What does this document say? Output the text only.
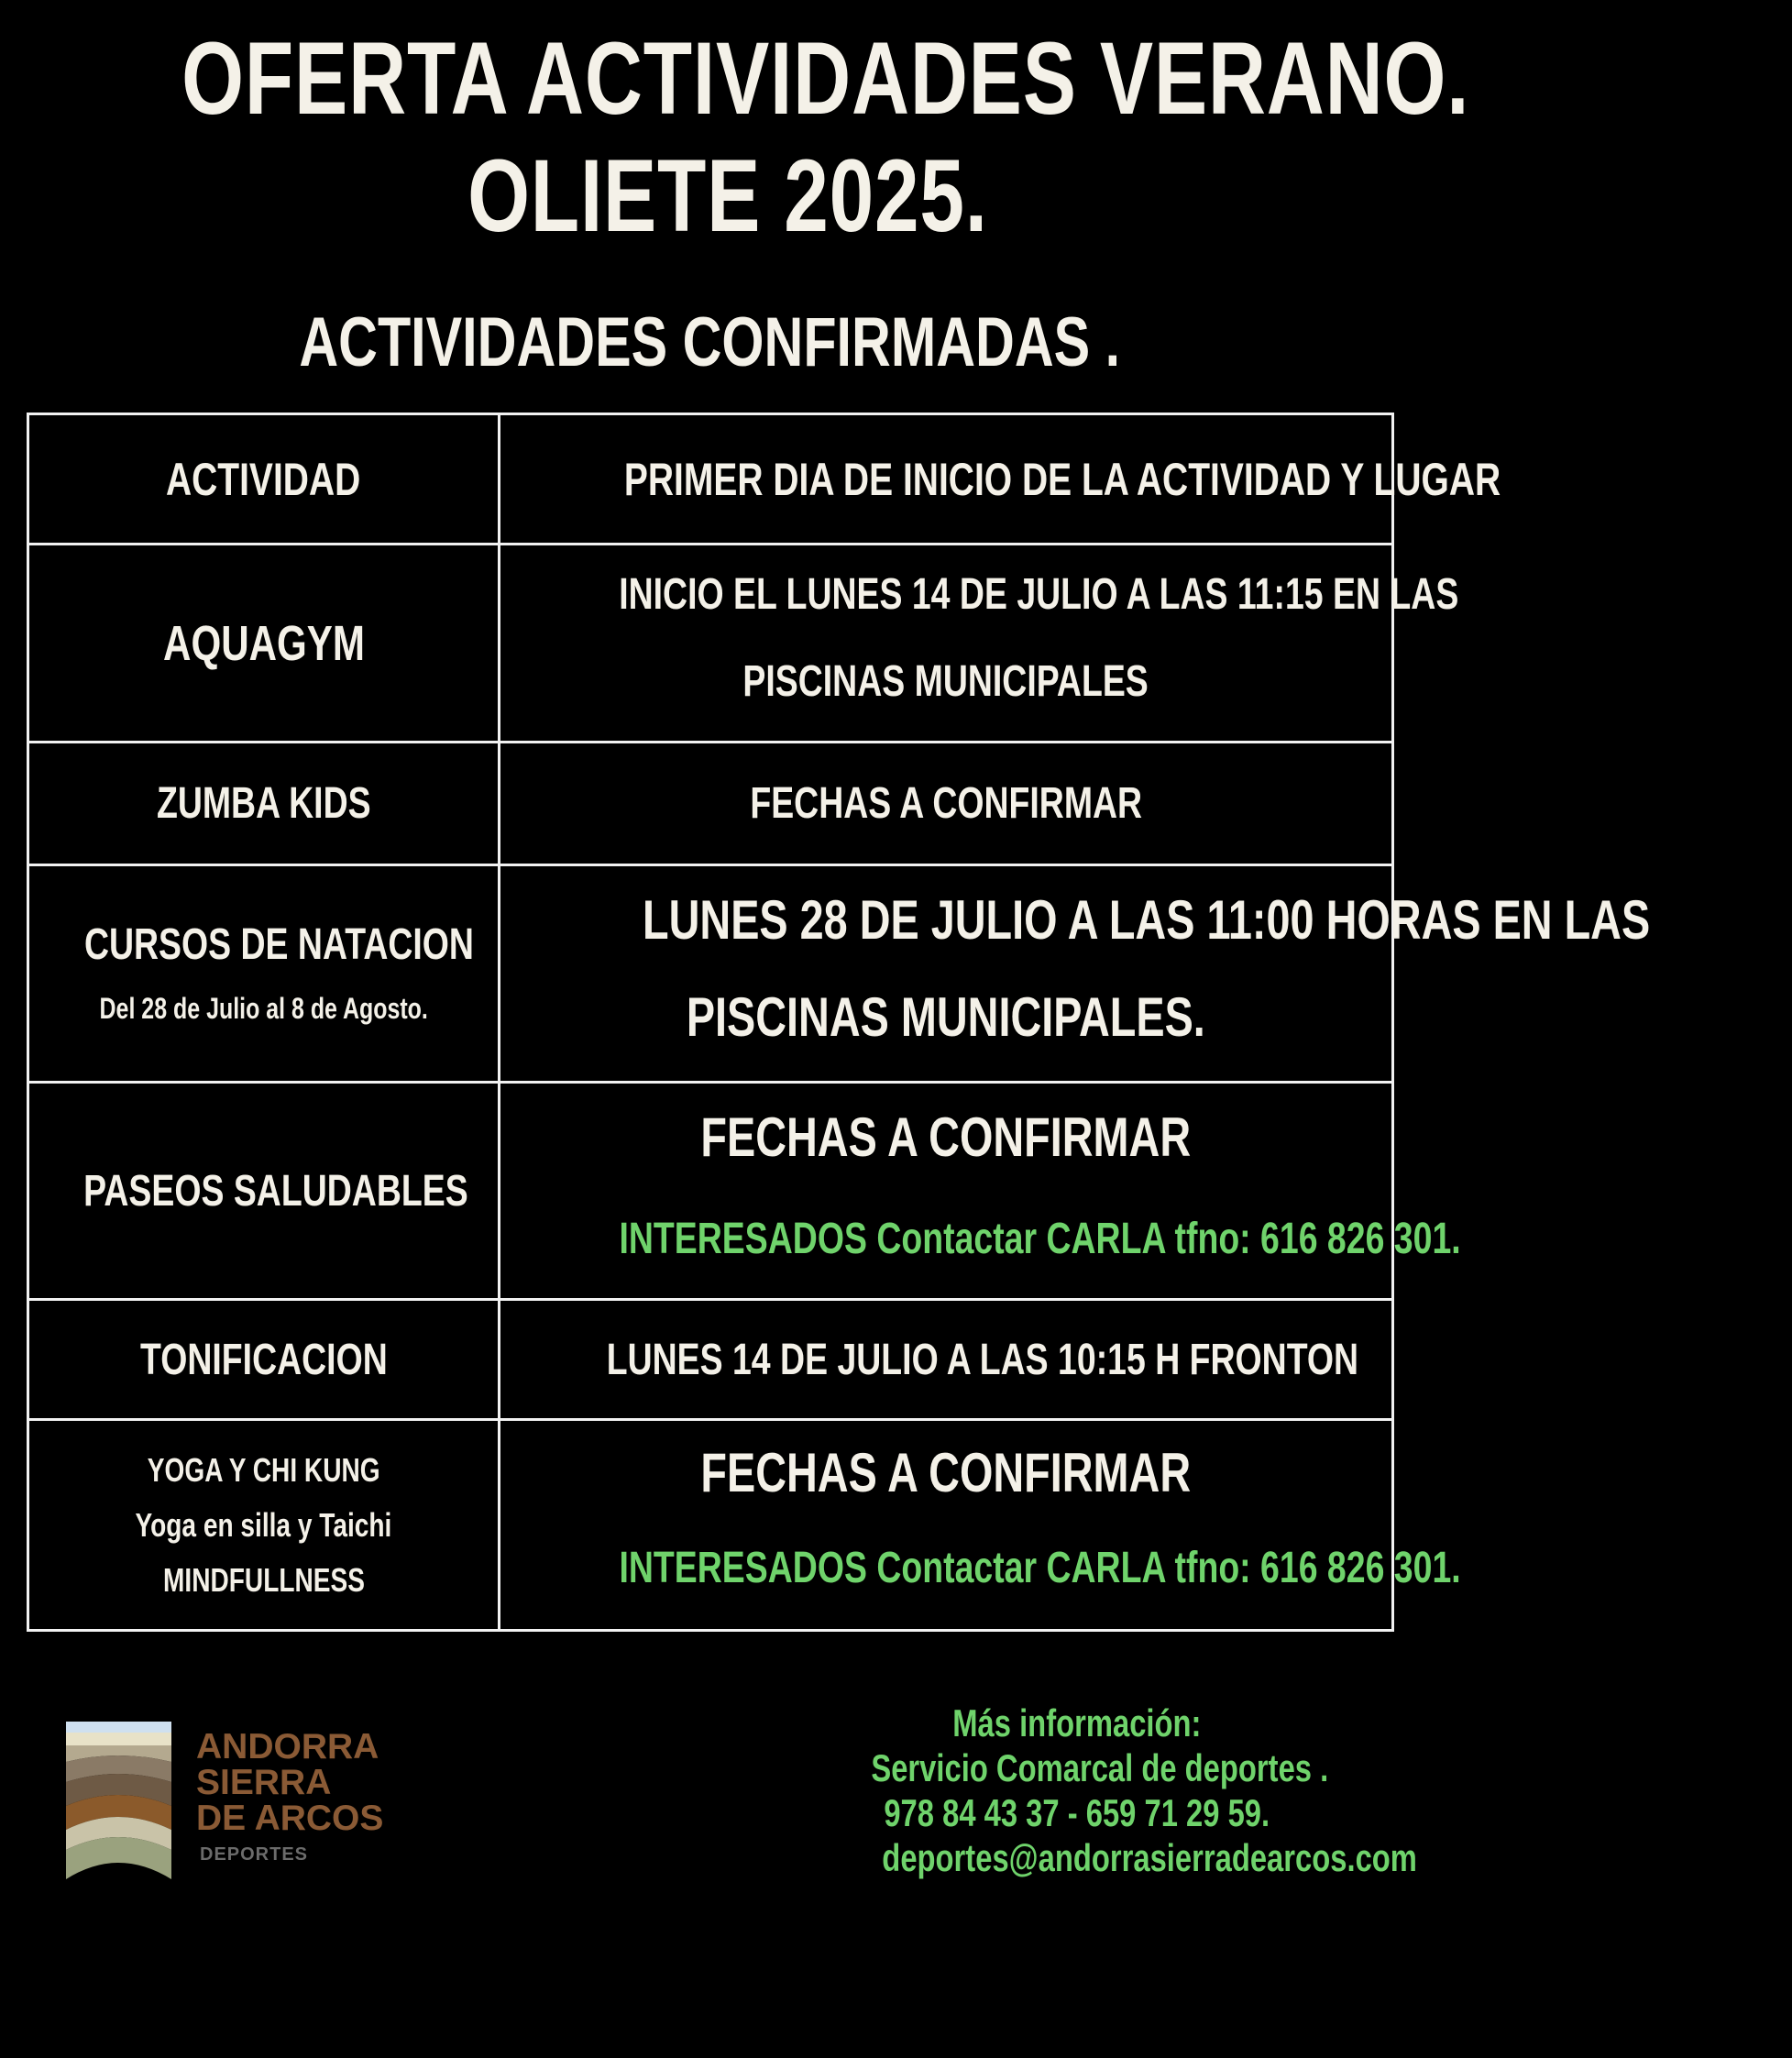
OFERTA ACTIVIDADES VERANO.
OLIETE 2025.
ACTIVIDADES CONFIRMADAS .
ACTIVIDAD	PRIMER DIA DE INICIO DE LA ACTIVIDAD Y LUGAR
AQUAGYM	INICIO EL LUNES 14 DE JULIO A LAS 11:15 EN LAS
PISCINAS MUNICIPALES

ZUMBA KIDS	FECHAS A CONFIRMAR

CURSOS DE NATACION
Del 28 de Julio al 8 de Agosto.	LUNES 28 DE JULIO A LAS 11:00 HORAS EN LAS
PISCINAS MUNICIPALES.

PASEOS SALUDABLES	FECHAS A CONFIRMAR
INTERESADOS Contactar CARLA tfno: 616 826 301.

TONIFICACION	LUNES 14 DE JULIO A LAS 10:15 H FRONTON

YOGA Y CHI KUNG
Yoga en silla y Taichi
MINDFULLNESS	FECHAS A CONFIRMAR
INTERESADOS Contactar CARLA tfno: 616 826 301.
ANDORRA
SIERRA
DE ARCOS
DEPORTES
Más información:
Servicio Comarcal de deportes .
978 84 43 37 - 659 71 29 59.
deportes@andorrasierradearcos.com
